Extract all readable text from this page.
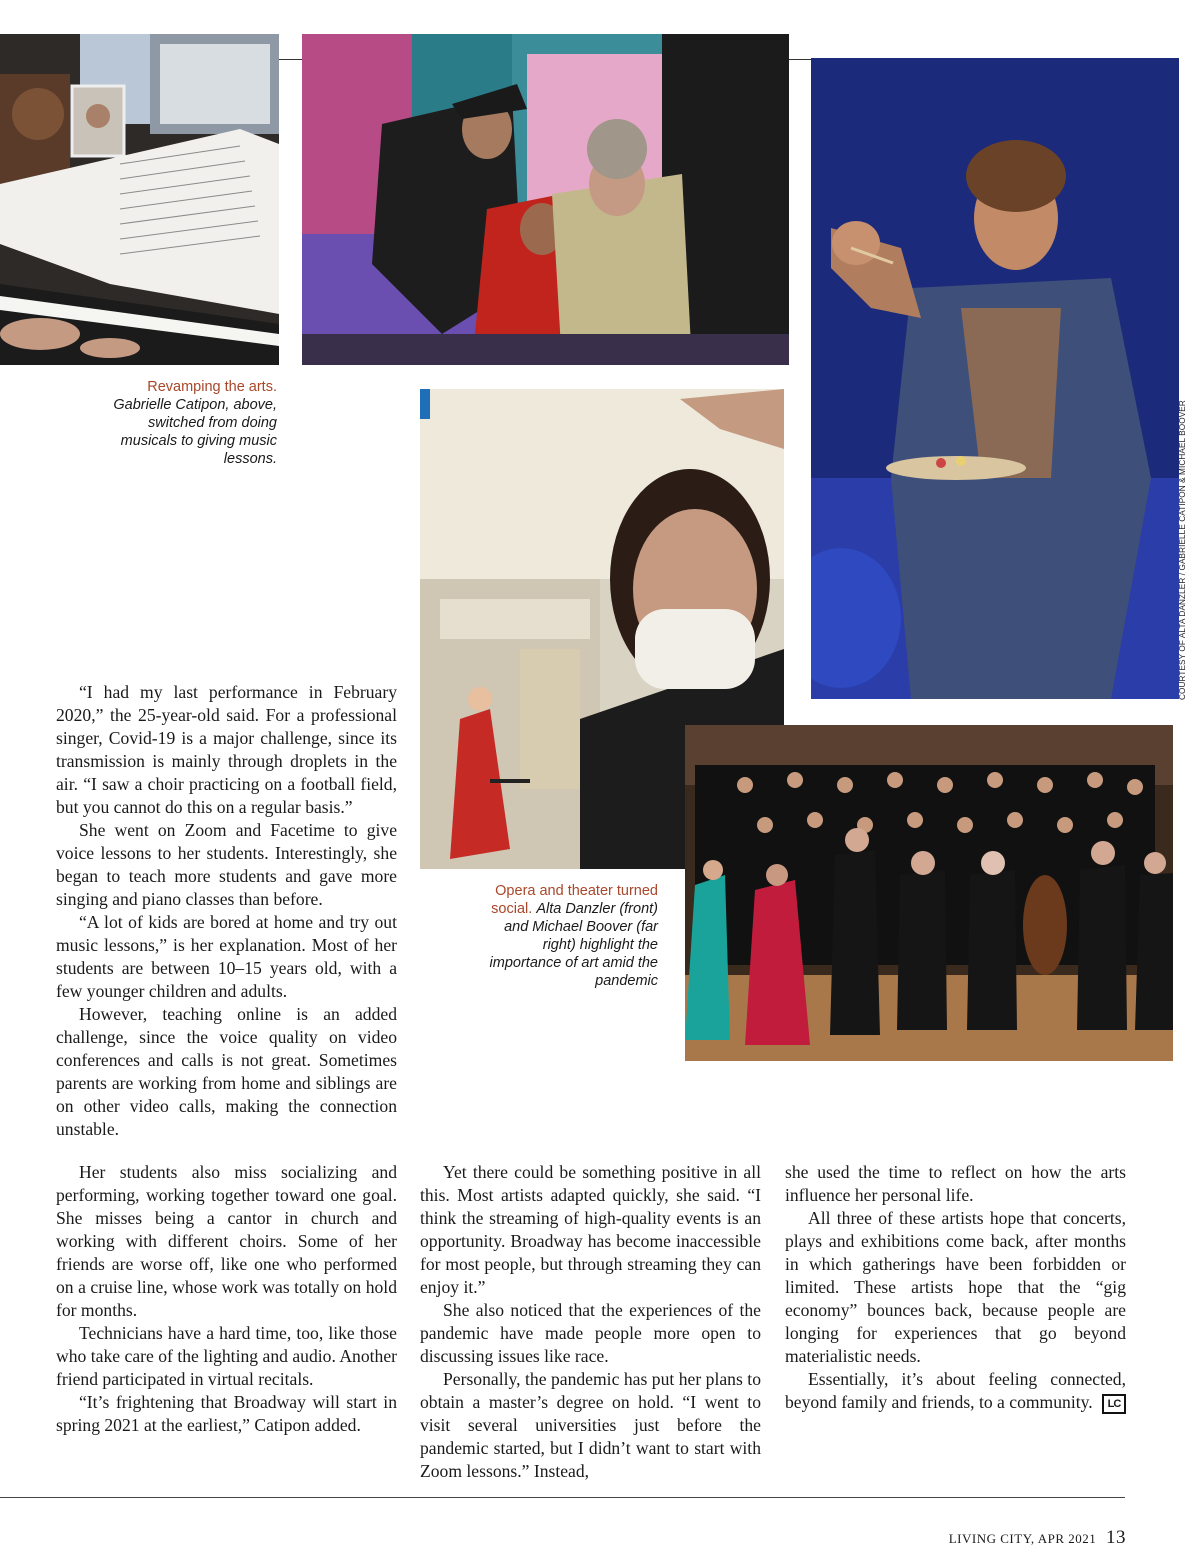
Revamping the arts. Gabrielle Catipon, above, switched from doing musicals to giving music lessons.
Opera and theater turned social. Alta Danzler (front) and Michael Boover (far right) highlight the importance of art amid the pandemic
COURTESY OF ALTA DANZLER / GABRIELLE CATIPON & MICHAEL BOOVER

“I had my last performance in February 2020,” the 25-year-old said. For a professional singer, Covid-19 is a major challenge, since its transmission is mainly through droplets in the air. “I saw a choir practicing on a football field, but you cannot do this on a regular basis.”

She went on Zoom and Facetime to give voice lessons to her students. Interestingly, she began to teach more students and gave more singing and piano classes than before.

“A lot of kids are bored at home and try out music lessons,” is her explanation. Most of her students are between 10–15 years old, with a few younger children and adults.

However, teaching online is an added challenge, since the voice quality on video conferences and calls is not great. Sometimes parents are working from home and siblings are on other video calls, making the connection unstable.

Her students also miss socializing and performing, working together toward one goal. She misses being a cantor in church and working with different choirs. Some of her friends are worse off, like one who performed on a cruise line, whose work was totally on hold for months.

Technicians have a hard time, too, like those who take care of the lighting and audio. Another friend participated in virtual recitals.

“It’s frightening that Broadway will start in spring 2021 at the earliest,” Catipon added.

Yet there could be something positive in all this. Most artists adapted quickly, she said. “I think the streaming of high-quality events is an opportunity. Broadway has become inaccessible for most people, but through streaming they can enjoy it.”

She also noticed that the experiences of the pandemic have made people more open to discussing issues like race.

Personally, the pandemic has put her plans to obtain a master’s degree on hold. “I went to visit several universities just before the pandemic started, but I didn’t want to start with Zoom lessons.” Instead,

she used the time to reflect on how the arts influence her personal life.

All three of these artists hope that concerts, plays and exhibitions come back, after months in which gatherings have been forbidden or limited. These artists hope that the “gig economy” bounces back, because people are longing for experiences that go beyond materialistic needs.

Essentially, it’s about feeling connected, beyond family and friends, to a community.	LC

LIVING CITY, APR 2021 13
